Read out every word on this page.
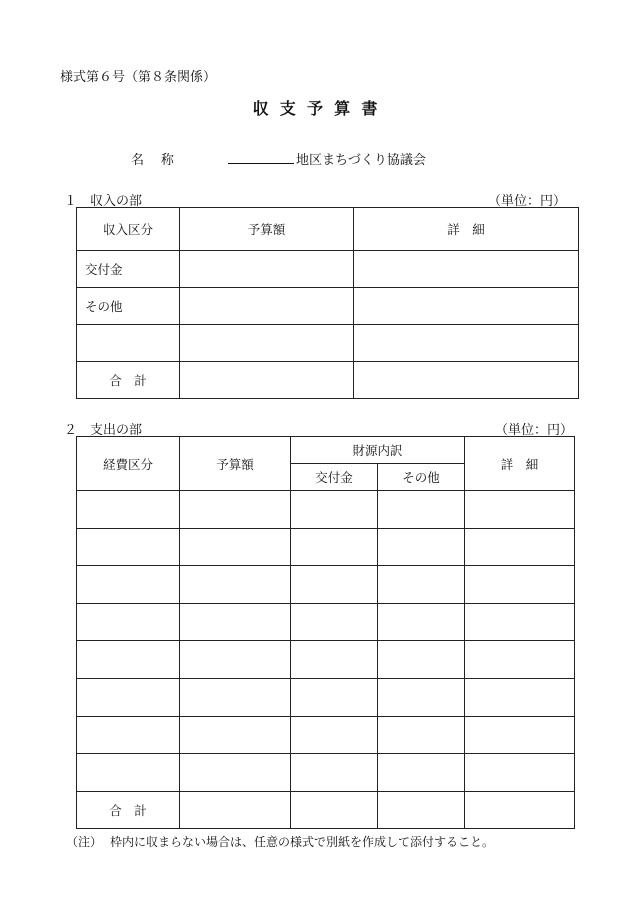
様式第６号（第８条関係）
収支予算書
名称	地区まちづくり協議会
１　収入の部	（単位：円）
収入区分	予算額	詳　細
交付金		
その他		

合　計		
２　支出の部	（単位：円）
経費区分	予算額	財源内訳		詳　細
		交付金	その他	

合　計				
（注） 枠内に収まらない場合は、任意の様式で別紙を作成して添付すること。
